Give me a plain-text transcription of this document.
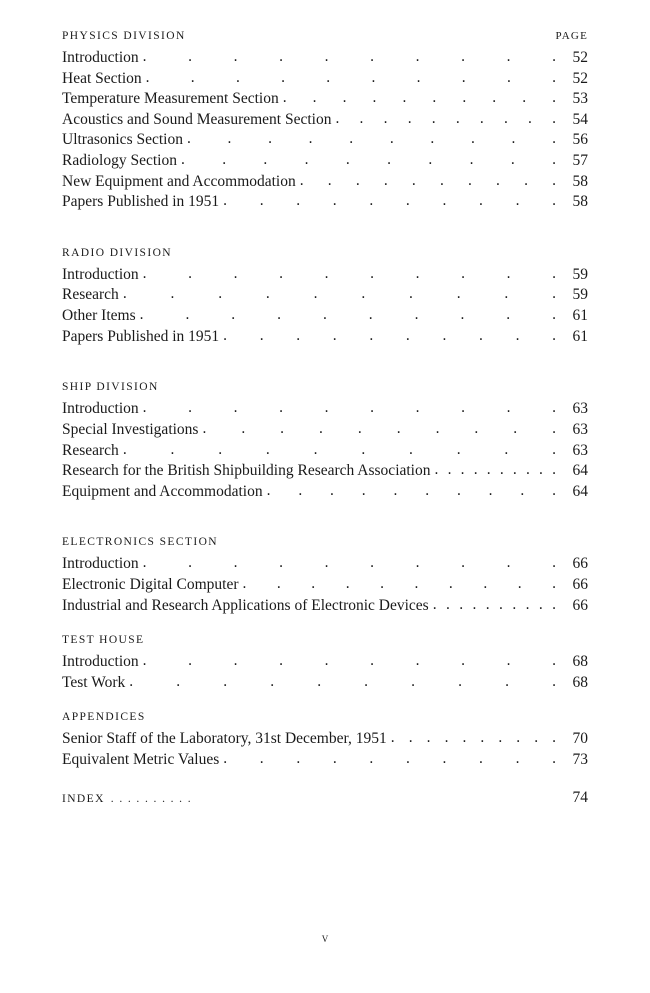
PHYSICS DIVISION	PAGE
Introduction . . . . . . . . . .	52
Heat Section . . . . . . . . . .	52
Temperature Measurement Section . . . . . . . . . .	53
Acoustics and Sound Measurement Section . . . . . . . . . .	54
Ultrasonics Section . . . . . . . . . .	56
Radiology Section . . . . . . . . . .	57
New Equipment and Accommodation . . . . . . . . . .	58
Papers Published in 1951 . . . . . . . . . .	58
RADIO DIVISION
Introduction . . . . . . . . . .	59
Research . . . . . . . . . .	59
Other Items . . . . . . . . . .	61
Papers Published in 1951 . . . . . . . . . .	61
SHIP DIVISION
Introduction . . . . . . . . . .	63
Special Investigations . . . . . . . . . .	63
Research . . . . . . . . . .	63
Research for the British Shipbuilding Research Association . . . . . . . . . .	64
Equipment and Accommodation . . . . . . . . . .	64
ELECTRONICS SECTION
Introduction . . . . . . . . . .	66
Electronic Digital Computer . . . . . . . . . .	66
Industrial and Research Applications of Electronic Devices . . . . . . . . . .	66
TEST HOUSE
Introduction . . . . . . . . . .	68
Test Work . . . . . . . . . .	68
APPENDICES
Senior Staff of the Laboratory, 31st December, 1951 . . . . . . . . . .	70
Equivalent Metric Values . . . . . . . . . .	73
INDEX . . . . . . . . . .	74
v
